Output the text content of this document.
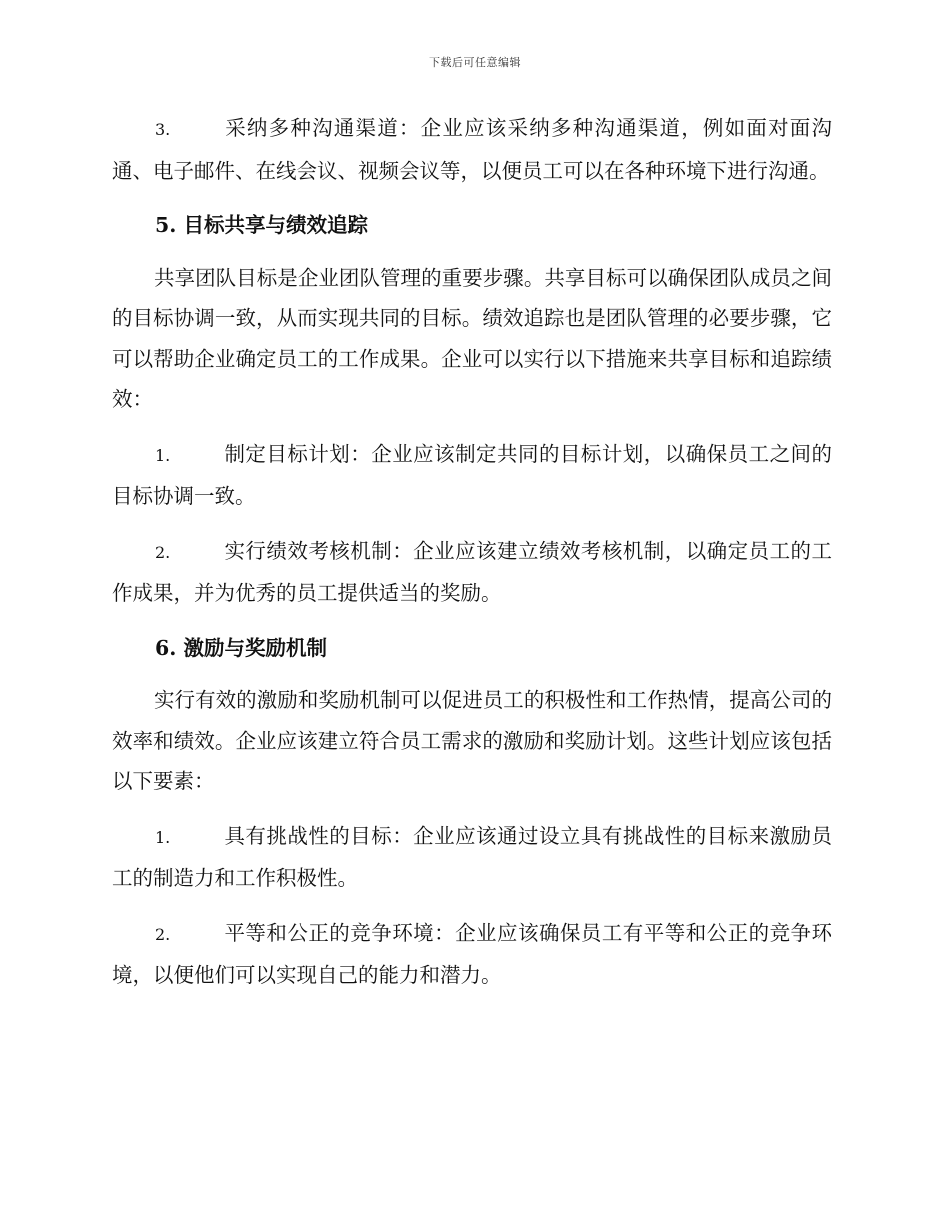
下载后可任意编辑

3.	采纳多种沟通渠道：企业应该采纳多种沟通渠道，例如面对面沟通、电子邮件、在线会议、视频会议等，以便员工可以在各种环境下进行沟通。

5. 目标共享与绩效追踪

共享团队目标是企业团队管理的重要步骤。共享目标可以确保团队成员之间的目标协调一致，从而实现共同的目标。绩效追踪也是团队管理的必要步骤，它可以帮助企业确定员工的工作成果。企业可以实行以下措施来共享目标和追踪绩效：

1.	制定目标计划：企业应该制定共同的目标计划，以确保员工之间的目标协调一致。

2.	实行绩效考核机制：企业应该建立绩效考核机制，以确定员工的工作成果，并为优秀的员工提供适当的奖励。

6. 激励与奖励机制

实行有效的激励和奖励机制可以促进员工的积极性和工作热情，提高公司的效率和绩效。企业应该建立符合员工需求的激励和奖励计划。这些计划应该包括以下要素：

1.	具有挑战性的目标：企业应该通过设立具有挑战性的目标来激励员工的制造力和工作积极性。

2.	平等和公正的竞争环境：企业应该确保员工有平等和公正的竞争环境，以便他们可以实现自己的能力和潜力。
